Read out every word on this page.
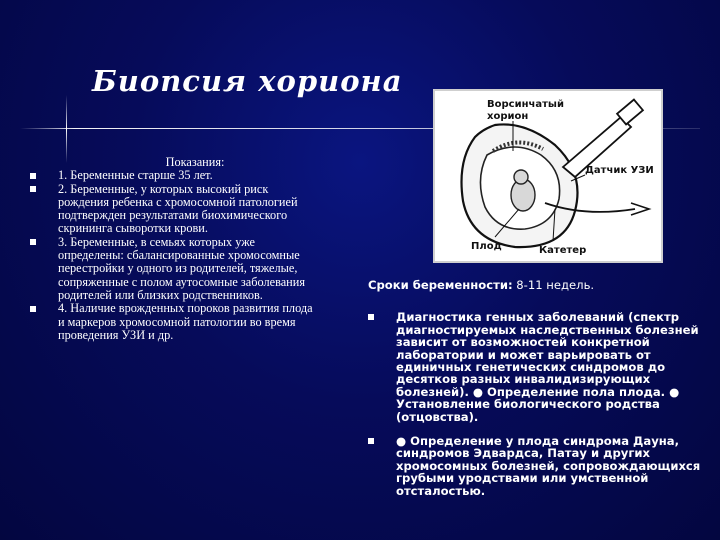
Биопсия хориона
Показания:
1. Беременные старше 35 лет.
2. Беременные, у которых высокий риск рождения ребенка с хромосомной патологией подтвержден результатами биохимического скрининга сыворотки крови.
3. Беременные, в семьях которых уже определены: сбалансированные хромосомные перестройки у одного из родителей, тяжелые, сопряженные с полом аутосомные заболевания родителей или близких родственников.
4. Наличие врожденных пороков развития плода и маркеров хромосомной патологии во время проведения УЗИ и др.
Ворсинчатый
хорион
Датчик УЗИ
Плод	Катетер
Сроки беременности: 8-11 недель.
Диагностика генных заболеваний (спектр диагностируемых наследственных болезней зависит от возможностей конкретной лаборатории и может варьировать от единичных генетических синдромов до десятков разных инвалидизирующих болезней). ● Определение пола плода. ● Установление биологического родства (отцовства).
● Определение у плода синдрома Дауна, синдромов Эдвардса, Патау и других хромосомных болезней, сопровождающихся грубыми уродствами или умственной отсталостью.
